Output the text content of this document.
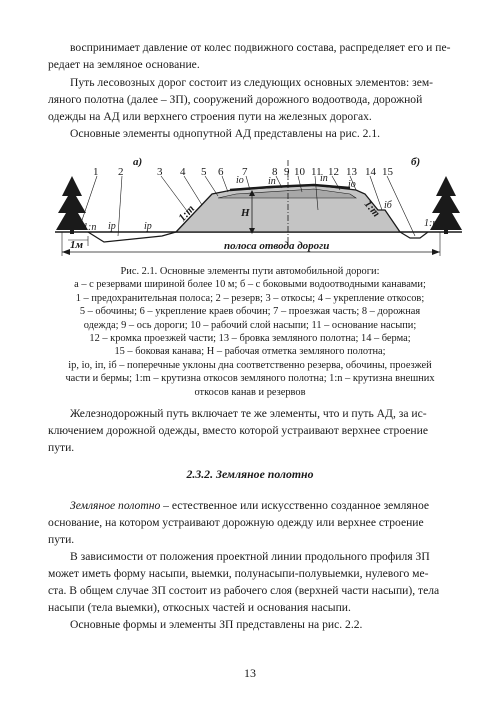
воспринимает давление от колес подвижного состава, распределяет его и пе-
редает на земляное основание.
Путь лесовозных дорог состоит из следующих основных элементов: зем-
ляного полотна (далее – ЗП), сооружений дорожного водоотвода, дорожной
одежды на АД или верхнего строения пути на железных дорогах.
Основные элементы однопутной АД представлены на рис. 2.1.
а)	б)
1 2	3 4 5 6 7 8 9 10 11 12 13 14 15
1:m	1:m
1:n	1:n
H
iр	iр
iо iп	iп
iо
iб
1м	полоса отвода дороги
Рис. 2.1. Основные элементы пути автомобильной дороги:
а – с резервами шириной более 10 м; б – с боковыми водоотводными канавами;
1 – предохранительная полоса; 2 – резерв; 3 – откосы; 4 – укрепление откосов;
5 – обочины; 6 – укрепление краев обочин; 7 – проезжая часть; 8 – дорожная
одежда; 9 – ось дороги; 10 – рабочий слой насыпи; 11 – основание насыпи;
12 – кромка проезжей части; 13 – бровка земляного полотна; 14 – берма;
15 – боковая канава; Н – рабочая отметка земляного полотна;
iр, iо, iп, iб – поперечные уклоны дна соответственно резерва, обочины, проезжей
части и бермы; 1:m – крутизна откосов земляного полотна; 1:n – крутизна внешних
откосов канав и резервов
Железнодорожный путь включает те же элементы, что и путь АД, за ис-
ключением дорожной одежды, вместо которой устраивают верхнее строение
пути.
2.3.2. Земляное полотно
Земляное полотно – естественное или искусственно созданное земляное
основание, на котором устраивают дорожную одежду или верхнее строение
пути.
В зависимости от положения проектной линии продольного профиля ЗП
может иметь форму насыпи, выемки, полунасыпи-полувыемки, нулевого ме-
ста. В общем случае ЗП состоит из рабочего слоя (верхней части насыпи), тела
насыпи (тела выемки), откосных частей и основания насыпи.
Основные формы и элементы ЗП представлены на рис. 2.2.
13
